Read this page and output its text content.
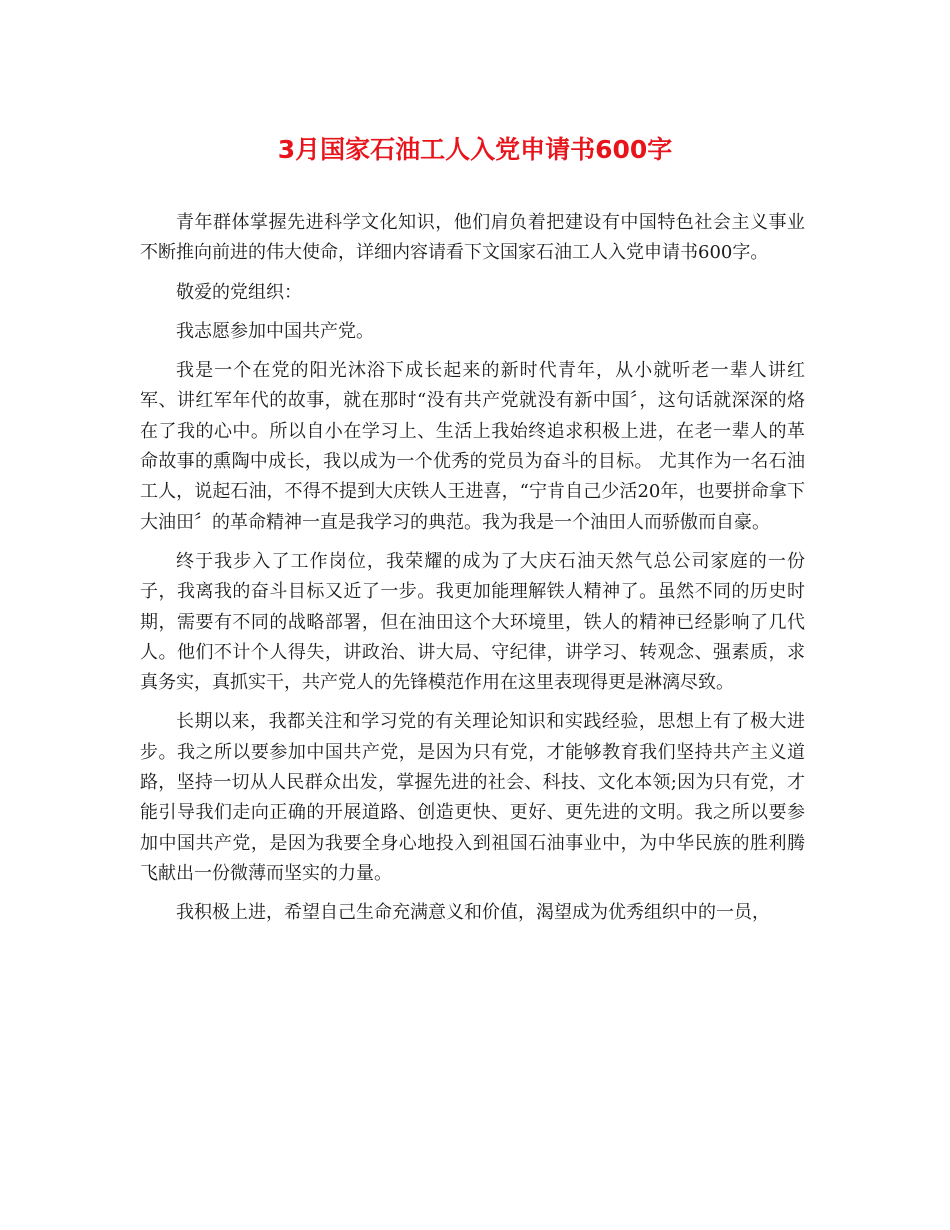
3月国家石油工人入党申请书600字

青年群体掌握先进科学文化知识，他们肩负着把建设有中国特色社会主义事业不断推向前进的伟大使命，详细内容请看下文国家石油工人入党申请书600字。

敬爱的党组织：

我志愿参加中国共产党。

我是一个在党的阳光沐浴下成长起来的新时代青年，从小就听老一辈人讲红军、讲红军年代的故事，就在那时“没有共产党就没有新中国〞，这句话就深深的烙在了我的心中。所以自小在学习上、生活上我始终追求积极上进，在老一辈人的革命故事的熏陶中成长，我以成为一个优秀的党员为奋斗的目标。 尤其作为一名石油工人，说起石油，不得不提到大庆铁人王进喜，“宁肯自己少活20年，也要拼命拿下大油田〞的革命精神一直是我学习的典范。我为我是一个油田人而骄傲而自豪。

终于我步入了工作岗位，我荣耀的成为了大庆石油天然气总公司家庭的一份子，我离我的奋斗目标又近了一步。我更加能理解铁人精神了。虽然不同的历史时期，需要有不同的战略部署，但在油田这个大环境里，铁人的精神已经影响了几代人。他们不计个人得失，讲政治、讲大局、守纪律，讲学习、转观念、强素质，求真务实，真抓实干，共产党人的先锋模范作用在这里表现得更是淋漓尽致。

长期以来，我都关注和学习党的有关理论知识和实践经验，思想上有了极大进步。我之所以要参加中国共产党，是因为只有党，才能够教育我们坚持共产主义道路，坚持一切从人民群众出发，掌握先进的社会、科技、文化本领;因为只有党，才能引导我们走向正确的开展道路、创造更快、更好、更先进的文明。我之所以要参加中国共产党，是因为我要全身心地投入到祖国石油事业中，为中华民族的胜利腾飞献出一份微薄而坚实的力量。

我积极上进，希望自己生命充满意义和价值，渴望成为优秀组织中的一员，
